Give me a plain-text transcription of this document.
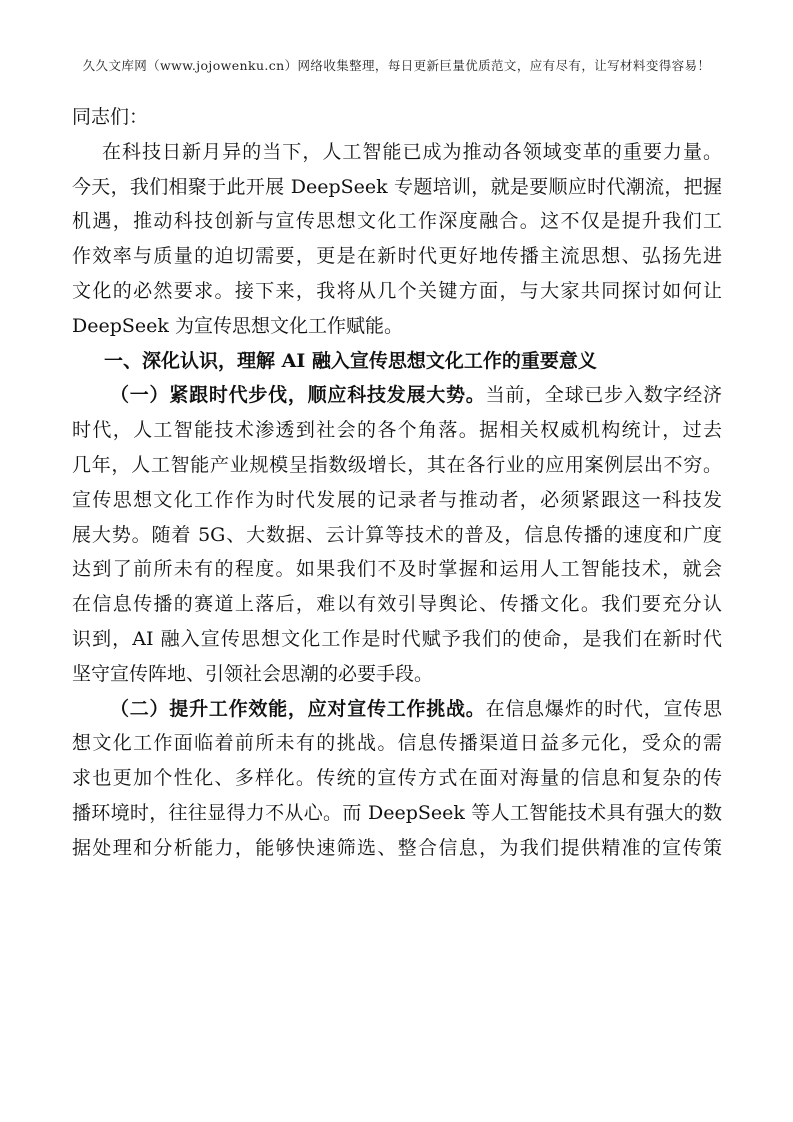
久久文库网（www.jojowenku.cn）网络收集整理，每日更新巨量优质范文，应有尽有，让写材料变得容易！
同志们：
在科技日新月异的当下，人工智能已成为推动各领域变革的重要力量。
今天，我们相聚于此开展 DeepSeek 专题培训，就是要顺应时代潮流，把握
机遇，推动科技创新与宣传思想文化工作深度融合。这不仅是提升我们工
作效率与质量的迫切需要，更是在新时代更好地传播主流思想、弘扬先进
文化的必然要求。接下来，我将从几个关键方面，与大家共同探讨如何让
DeepSeek 为宣传思想文化工作赋能。
一、深化认识，理解 AI 融入宣传思想文化工作的重要意义
（一）紧跟时代步伐，顺应科技发展大势。当前，全球已步入数字经济
时代，人工智能技术渗透到社会的各个角落。据相关权威机构统计，过去
几年，人工智能产业规模呈指数级增长，其在各行业的应用案例层出不穷。
宣传思想文化工作作为时代发展的记录者与推动者，必须紧跟这一科技发
展大势。随着 5G、大数据、云计算等技术的普及，信息传播的速度和广度
达到了前所未有的程度。如果我们不及时掌握和运用人工智能技术，就会
在信息传播的赛道上落后，难以有效引导舆论、传播文化。我们要充分认
识到，AI 融入宣传思想文化工作是时代赋予我们的使命，是我们在新时代
坚守宣传阵地、引领社会思潮的必要手段。
（二）提升工作效能，应对宣传工作挑战。在信息爆炸的时代，宣传思
想文化工作面临着前所未有的挑战。信息传播渠道日益多元化，受众的需
求也更加个性化、多样化。传统的宣传方式在面对海量的信息和复杂的传
播环境时，往往显得力不从心。而 DeepSeek 等人工智能技术具有强大的数
据处理和分析能力，能够快速筛选、整合信息，为我们提供精准的宣传策
